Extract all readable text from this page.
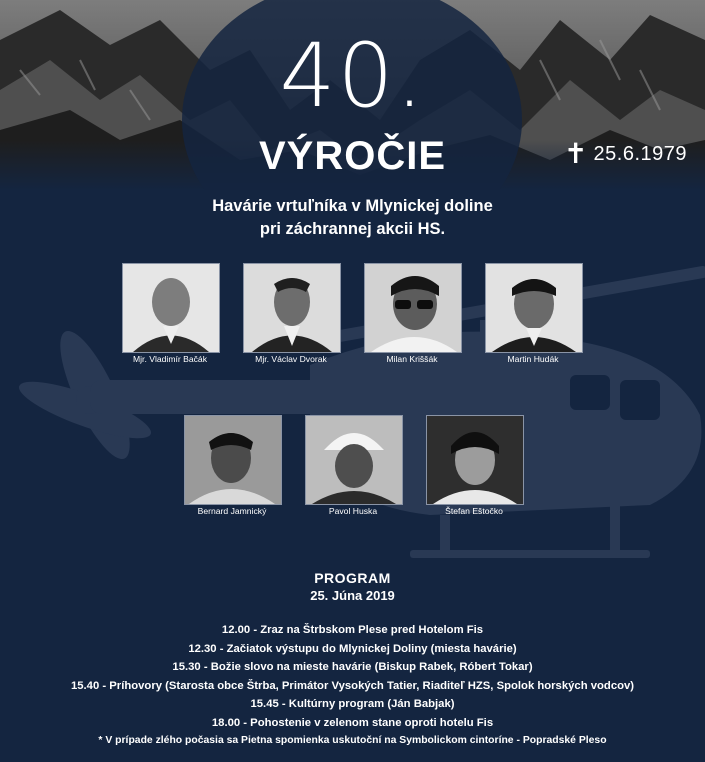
40.
VÝROČIE	✝ 25.6.1979
Havárie vrtuľníka v Mlynickej doline
pri záchrannej akcii HS.
Mjr. Vladimír Bačák	Mjr. Václav Dvorak	Milan Kriššák	Martin Hudák
Bernard Jamnický	Pavol Huska	Štefan Eštočko
PROGRAM
25. Júna 2019
12.00 - Zraz na Štrbskom Plese pred Hotelom Fis
12.30 - Začiatok výstupu do Mlynickej Doliny (miesta havárie)
15.30 - Božie slovo na mieste havárie (Biskup Rabek, Róbert Tokar)
15.40 - Príhovory (Starosta obce Štrba, Primátor Vysokých Tatier, Riaditeľ HZS, Spolok horských vodcov)
15.45 - Kultúrny program (Ján Babjak)
18.00 - Pohostenie v zelenom stane oproti hotelu Fis
* V prípade zlého počasia sa Pietna spomienka uskutoční na Symbolickom cintoríne - Popradské Pleso
